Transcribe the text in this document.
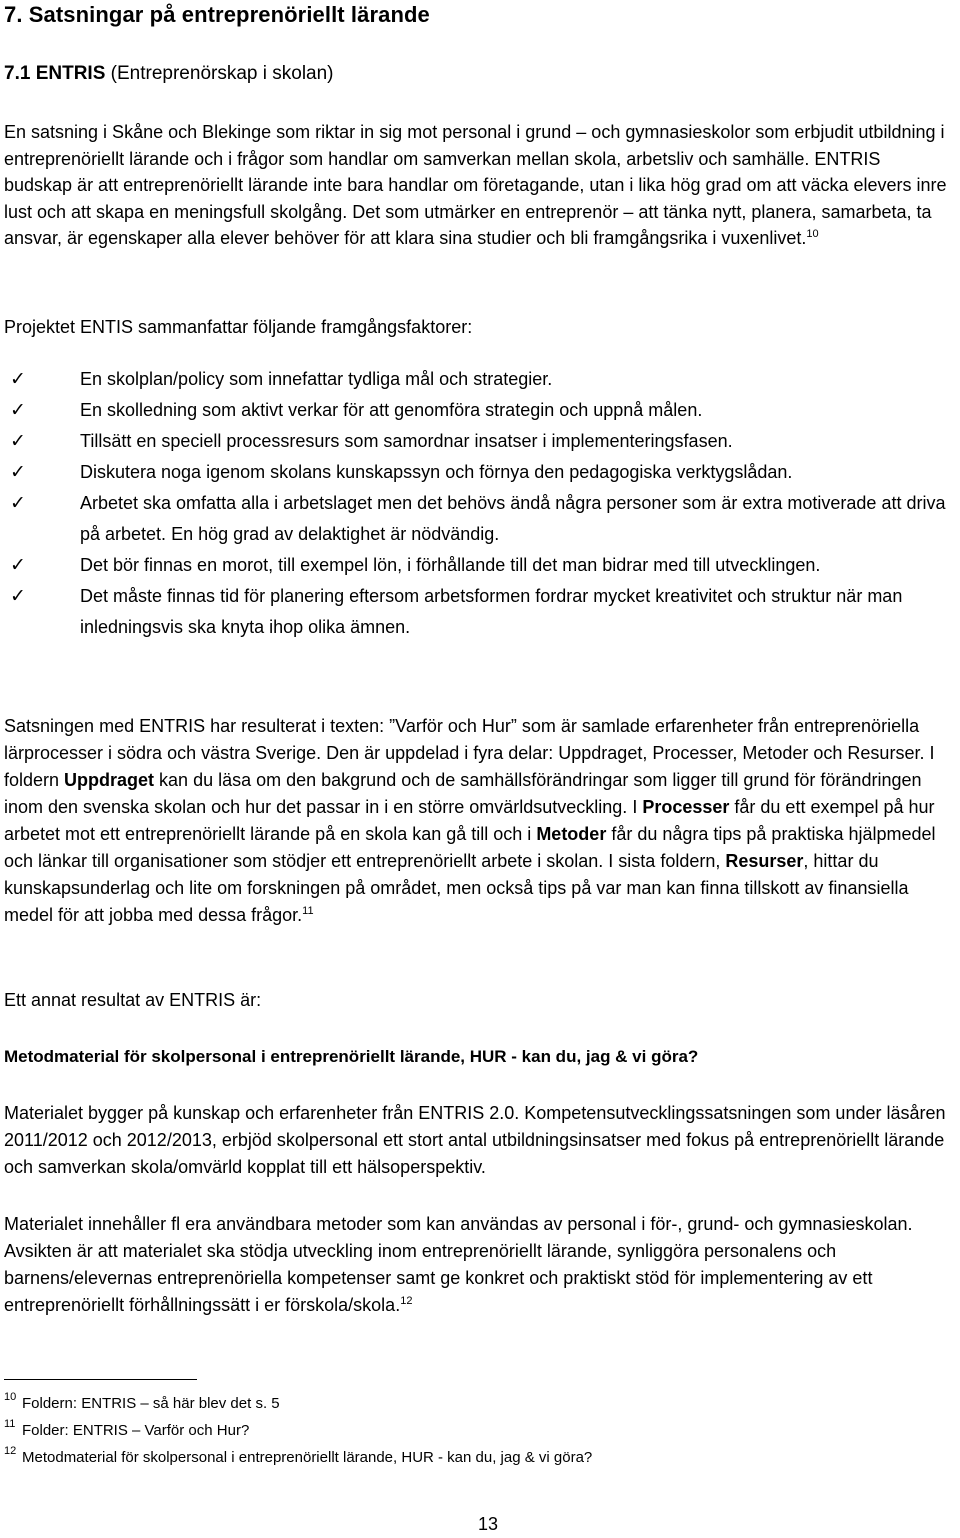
7. Satsningar på entreprenöriellt lärande
7.1 ENTRIS (Entreprenörskap i skolan)

En satsning i Skåne och Blekinge som riktar in sig mot personal i grund – och gymnasieskolor som erbjudit utbildning i entreprenöriellt lärande och i frågor som handlar om samverkan mellan skola, arbetsliv och samhälle. ENTRIS budskap är att entreprenöriellt lärande inte bara handlar om företagande, utan i lika hög grad om att väcka elevers inre lust och att skapa en meningsfull skolgång. Det som utmärker en entreprenör – att tänka nytt, planera, samarbeta, ta ansvar, är egenskaper alla elever behöver för att klara sina studier och bli framgångsrika i vuxenlivet.$^{10}$

Projektet ENTIS sammanfattar följande framgångsfaktorer:

✓	En skolplan/policy som innefattar tydliga mål och strategier.
✓	En skolledning som aktivt verkar för att genomföra strategin och uppnå målen.
✓	Tillsätt en speciell processresurs som samordnar insatser i implementeringsfasen.
✓	Diskutera noga igenom skolans kunskapssyn och förnya den pedagogiska verktygslådan.
✓	Arbetet ska omfatta alla i arbetslaget men det behövs ändå några personer som är extra motiverade att driva på arbetet. En hög grad av delaktighet är nödvändig.
✓	Det bör finnas en morot, till exempel lön, i förhållande till det man bidrar med till utvecklingen.
✓	Det måste finnas tid för planering eftersom arbetsformen fordrar mycket kreativitet och struktur när man inledningsvis ska knyta ihop olika ämnen.

Satsningen med ENTRIS har resulterat i texten: ”Varför och Hur” som är samlade erfarenheter från entreprenöriella lärprocesser i södra och västra Sverige. Den är uppdelad i fyra delar: Uppdraget, Processer, Metoder och Resurser. I foldern Uppdraget kan du läsa om den bakgrund och de samhällsförändringar som ligger till grund för förändringen inom den svenska skolan och hur det passar in i en större omvärldsutveckling. I Processer får du ett exempel på hur arbetet mot ett entreprenöriellt lärande på en skola kan gå till och i Metoder får du några tips på praktiska hjälpmedel och länkar till organisationer som stödjer ett entreprenöriellt arbete i skolan. I sista foldern, Resurser, hittar du kunskapsunderlag och lite om forskningen på området, men också tips på var man kan finna tillskott av finansiella medel för att jobba med dessa frågor.$^{11}$

Ett annat resultat av ENTRIS är:

Metodmaterial för skolpersonal i entreprenöriellt lärande, HUR - kan du, jag & vi göra?

Materialet bygger på kunskap och erfarenheter från ENTRIS 2.0. Kompetensutvecklingssatsningen som under läsåren 2011/2012 och 2012/2013, erbjöd skolpersonal ett stort antal utbildningsinsatser med fokus på entreprenöriellt lärande och samverkan skola/omvärld kopplat till ett hälsoperspektiv.

Materialet innehåller fl era användbara metoder som kan användas av personal i för-, grund- och gymnasieskolan. Avsikten är att materialet ska stödja utveckling inom entreprenöriellt lärande, synliggöra personalens och barnens/elevernas entreprenöriella kompetenser samt ge konkret och praktiskt stöd för implementering av ett entreprenöriellt förhållningssätt i er förskola/skola.$^{12}$

10 Foldern: ENTRIS – så här blev det s. 5
11 Folder: ENTRIS – Varför och Hur?
12 Metodmaterial för skolpersonal i entreprenöriellt lärande, HUR - kan du, jag & vi göra?
13
